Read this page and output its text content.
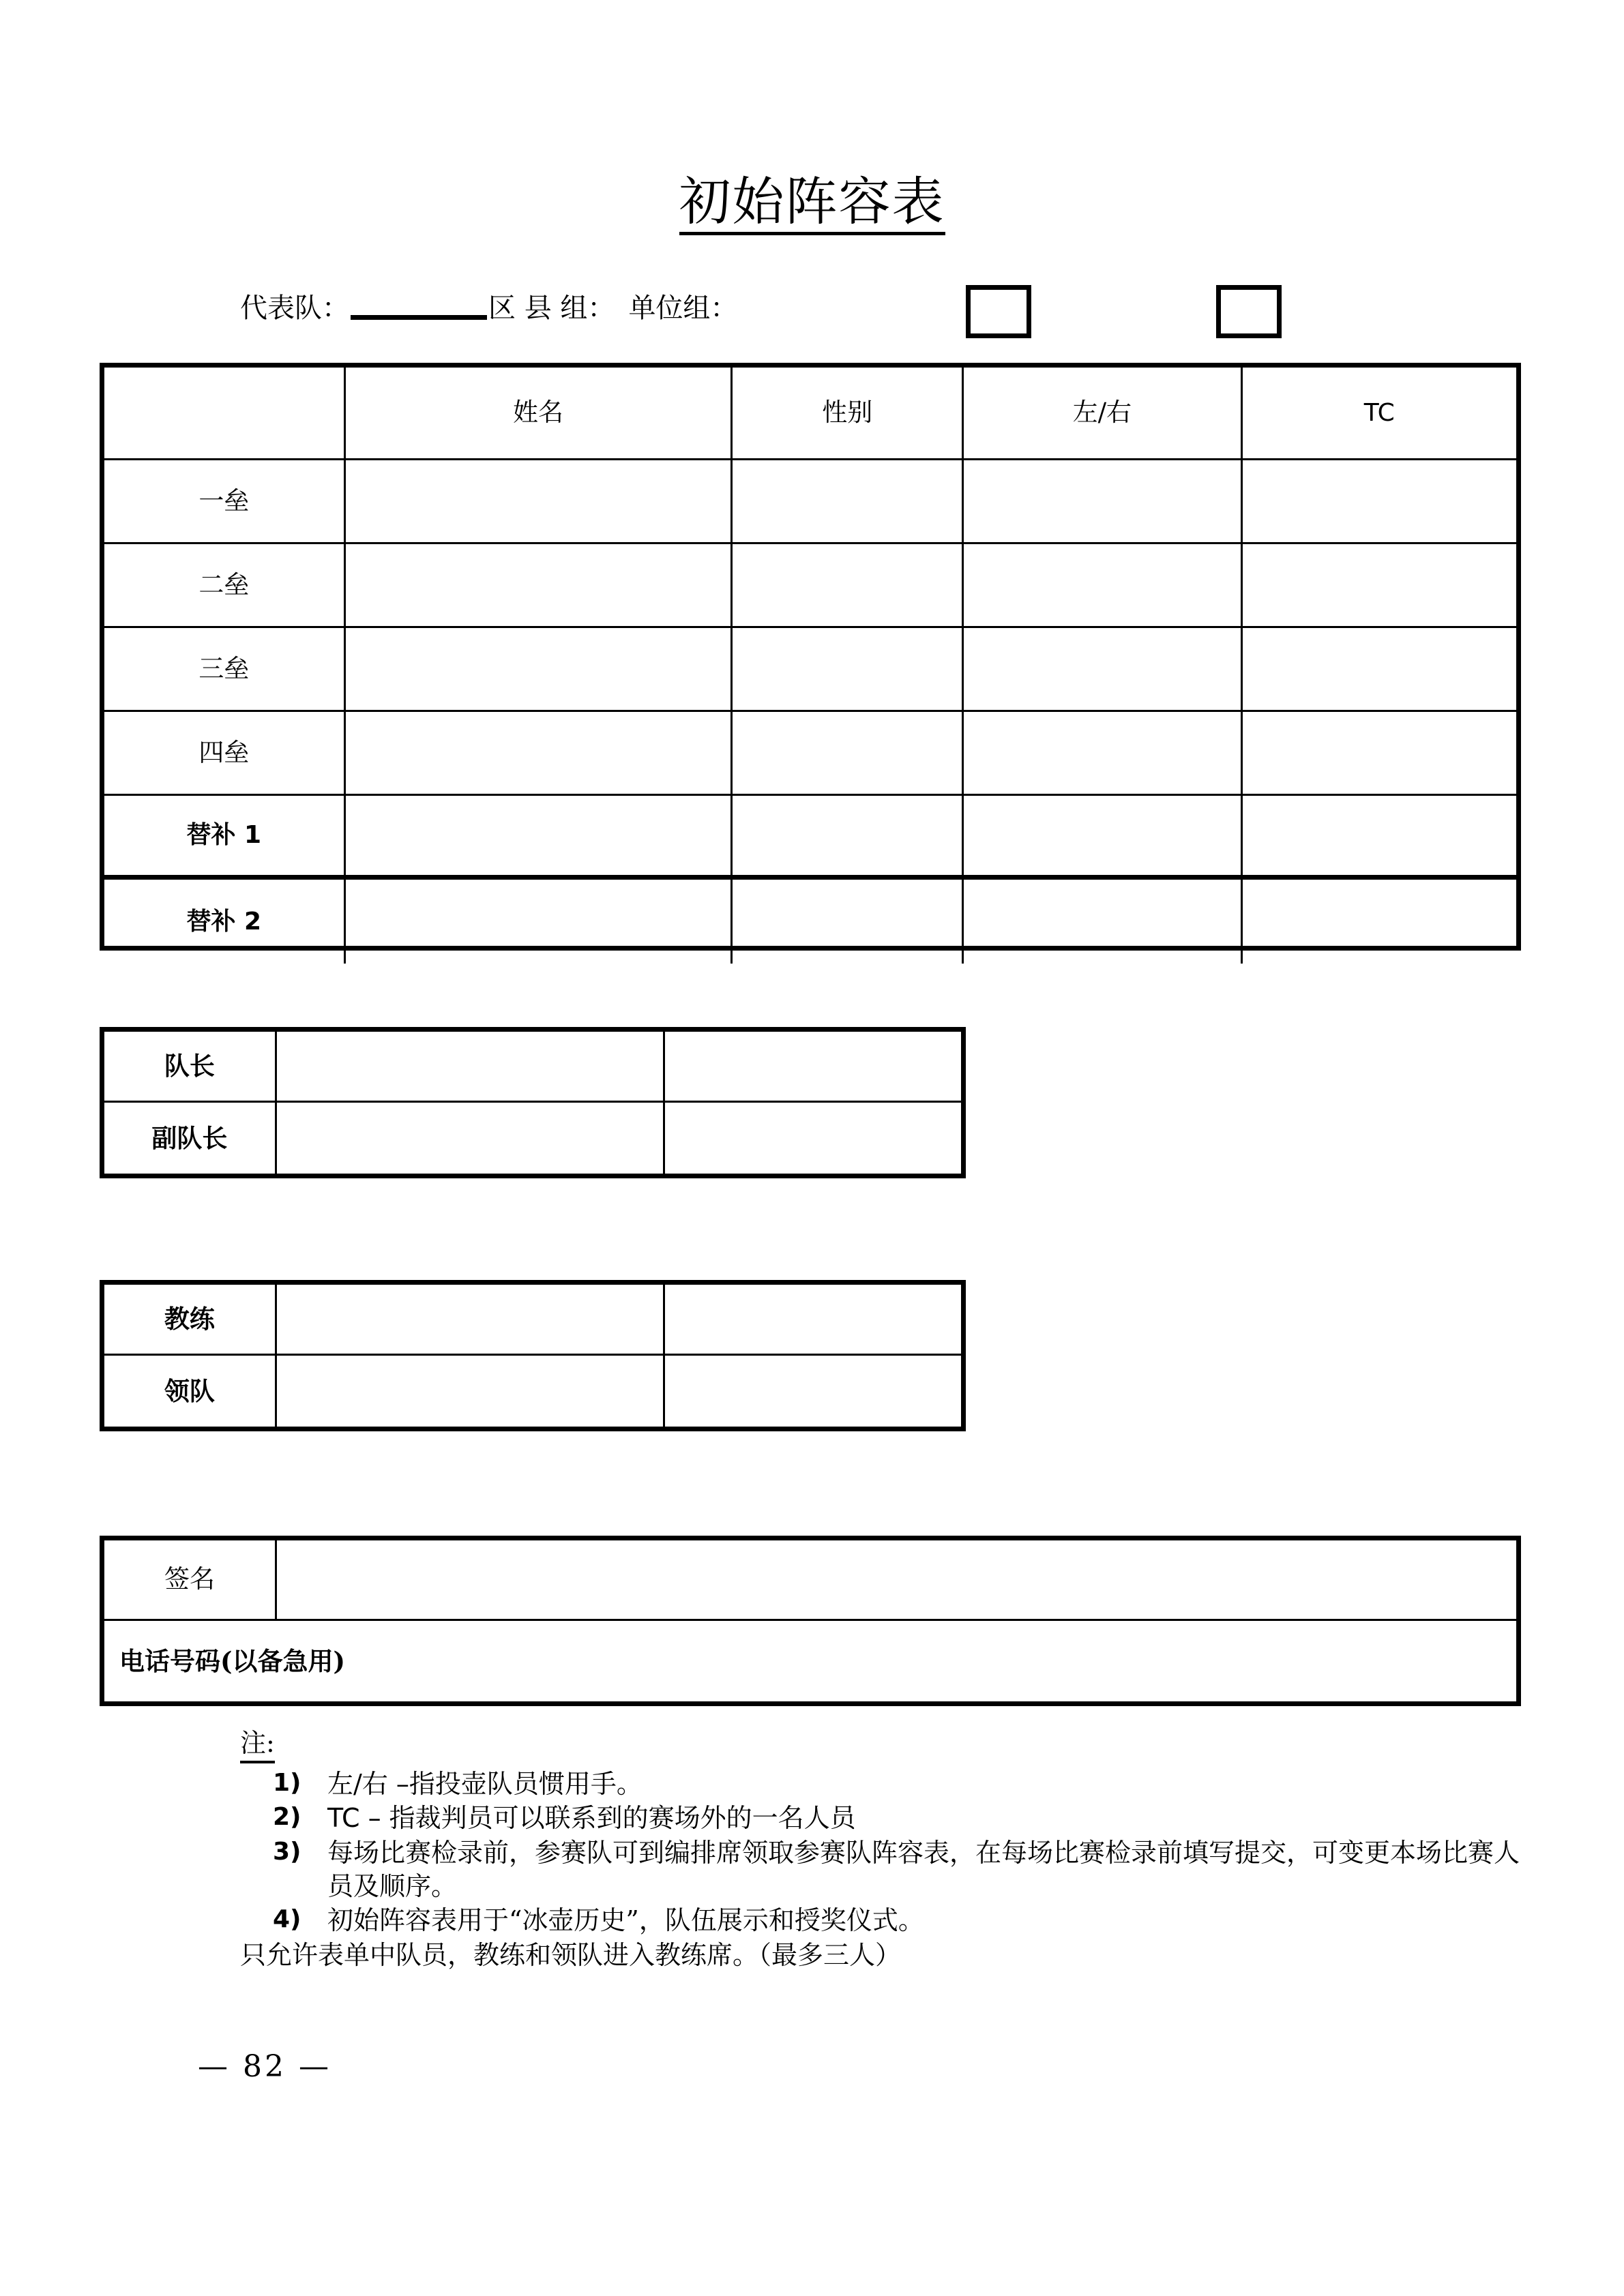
初始阵容表
代表队：	区 县 组： 单位组：
姓名	性别	左/右	TC
一垒
二垒
三垒
四垒
替补 1
替补 2
队长
副队长
教练
领队
签名
电话号码(以备急用)
注:
1)	左/右 –指投壶队员惯用手。
2)	TC – 指裁判员可以联系到的赛场外的一名人员
3)	每场比赛检录前，参赛队可到编排席领取参赛队阵容表，在每场比赛检录前填写提交，可变更本场比赛人员及顺序。
4)	初始阵容表用于“冰壶历史”，队伍展示和授奖仪式。
只允许表单中队员，教练和领队进入教练席。（最多三人）
— 82 —
